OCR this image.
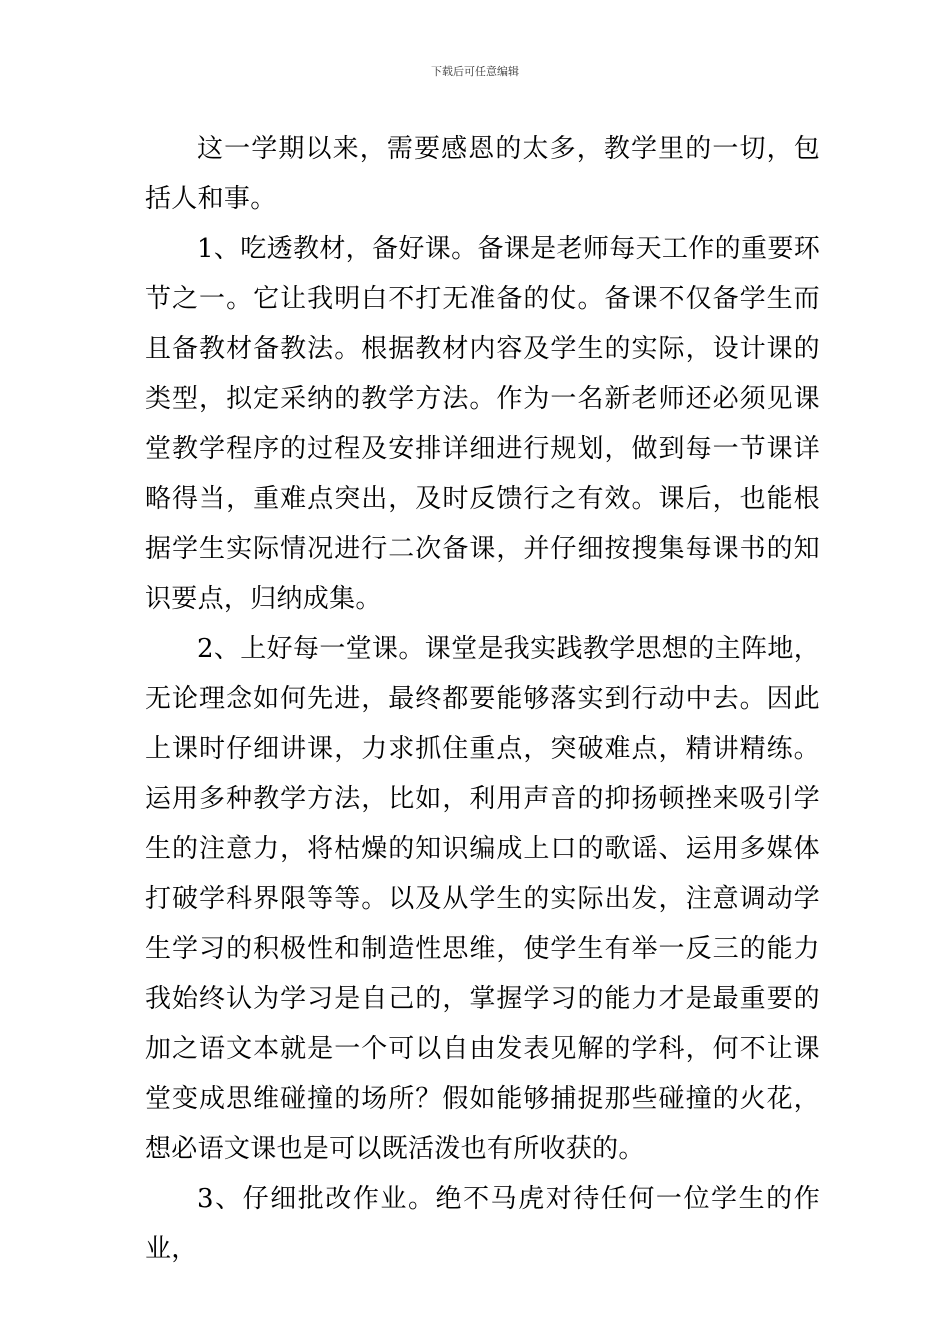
下载后可任意编辑

这一学期以来，需要感恩的太多，教学里的一切，包括人和事。

1、吃透教材，备好课。备课是老师每天工作的重要环节之一。它让我明白不打无准备的仗。备课不仅备学生而且备教材备教法。根据教材内容及学生的实际，设计课的类型，拟定采纳的教学方法。作为一名新老师还必须见课堂教学程序的过程及安排详细进行规划，做到每一节课详略得当，重难点突出，及时反馈行之有效。课后，也能根据学生实际情况进行二次备课，并仔细按搜集每课书的知识要点，归纳成集。

2、上好每一堂课。课堂是我实践教学思想的主阵地，无论理念如何先进，最终都要能够落实到行动中去。因此上课时仔细讲课，力求抓住重点，突破难点，精讲精练。运用多种教学方法，比如，利用声音的抑扬顿挫来吸引学生的注意力，将枯燥的知识编成上口的歌谣、运用多媒体打破学科界限等等。以及从学生的实际出发，注意调动学生学习的积极性和制造性思维，使学生有举一反三的能力我始终认为学习是自己的，掌握学习的能力才是最重要的加之语文本就是一个可以自由发表见解的学科，何不让课堂变成思维碰撞的场所？假如能够捕捉那些碰撞的火花，想必语文课也是可以既活泼也有所收获的。

3、仔细批改作业。绝不马虎对待任何一位学生的作业，
